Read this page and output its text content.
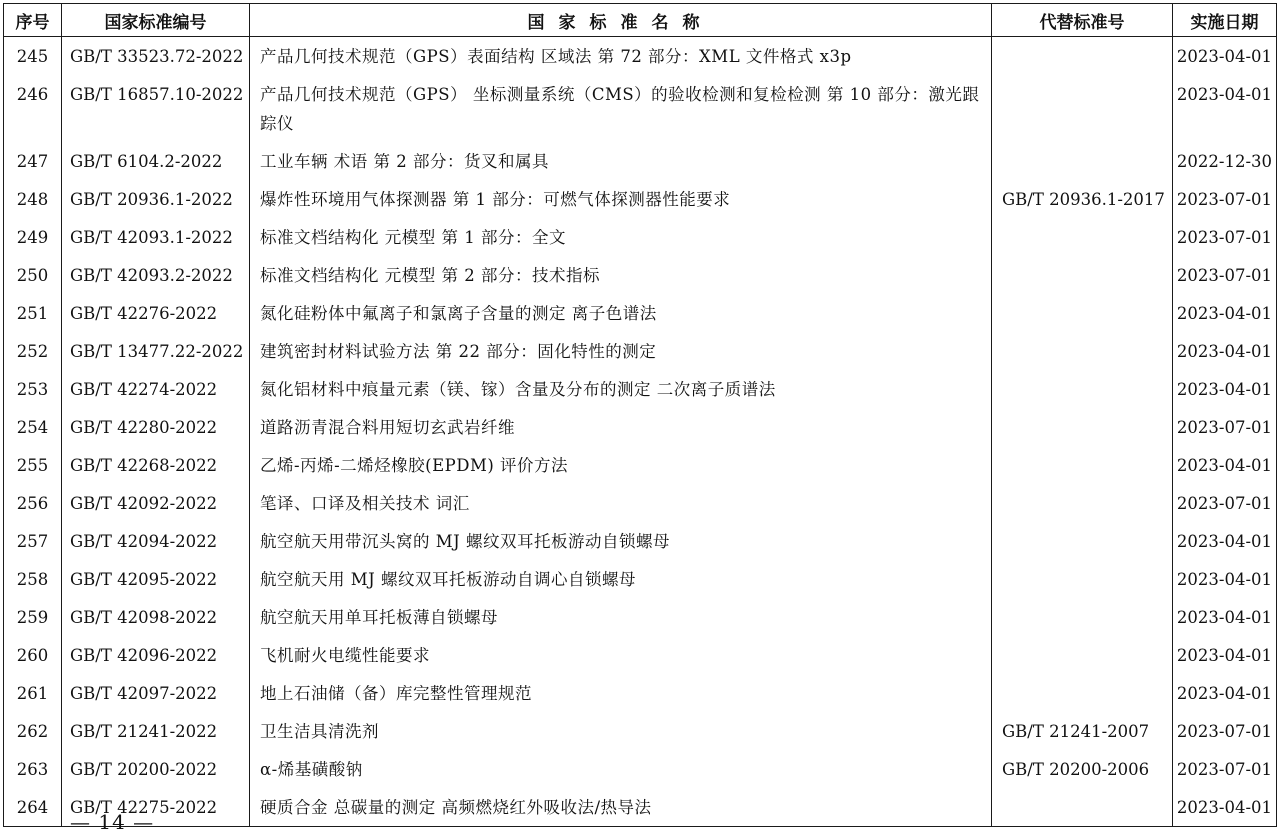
序号	国家标准编号	国家标准名称	代替标准号	实施日期
245	GB/T 33523.72-2022	产品几何技术规范（GPS）表面结构 区域法 第 72 部分：XML 文件格式 x3p		2023-04-01
246	GB/T 16857.10-2022	产品几何技术规范（GPS） 坐标测量系统（CMS）的验收检测和复检检测 第 10 部分：激光跟踪仪		2023-04-01
247	GB/T 6104.2-2022	工业车辆 术语 第 2 部分：货叉和属具		2022-12-30
248	GB/T 20936.1-2022	爆炸性环境用气体探测器 第 1 部分：可燃气体探测器性能要求	GB/T 20936.1-2017	2023-07-01
249	GB/T 42093.1-2022	标准文档结构化 元模型 第 1 部分：全文		2023-07-01
250	GB/T 42093.2-2022	标准文档结构化 元模型 第 2 部分：技术指标		2023-07-01
251	GB/T 42276-2022	氮化硅粉体中氟离子和氯离子含量的测定 离子色谱法		2023-04-01
252	GB/T 13477.22-2022	建筑密封材料试验方法 第 22 部分：固化特性的测定		2023-04-01
253	GB/T 42274-2022	氮化铝材料中痕量元素（镁、镓）含量及分布的测定 二次离子质谱法		2023-04-01
254	GB/T 42280-2022	道路沥青混合料用短切玄武岩纤维		2023-07-01
255	GB/T 42268-2022	乙烯-丙烯-二烯烃橡胶(EPDM) 评价方法		2023-04-01
256	GB/T 42092-2022	笔译、口译及相关技术 词汇		2023-07-01
257	GB/T 42094-2022	航空航天用带沉头窝的 MJ 螺纹双耳托板游动自锁螺母		2023-04-01
258	GB/T 42095-2022	航空航天用 MJ 螺纹双耳托板游动自调心自锁螺母		2023-04-01
259	GB/T 42098-2022	航空航天用单耳托板薄自锁螺母		2023-04-01
260	GB/T 42096-2022	飞机耐火电缆性能要求		2023-04-01
261	GB/T 42097-2022	地上石油储（备）库完整性管理规范		2023-04-01
262	GB/T 21241-2022	卫生洁具清洗剂	GB/T 21241-2007	2023-07-01
263	GB/T 20200-2022	α-烯基磺酸钠	GB/T 20200-2006	2023-07-01
264	GB/T 42275-2022	硬质合金 总碳量的测定 高频燃烧红外吸收法/热导法		2023-04-01
— 14 —
